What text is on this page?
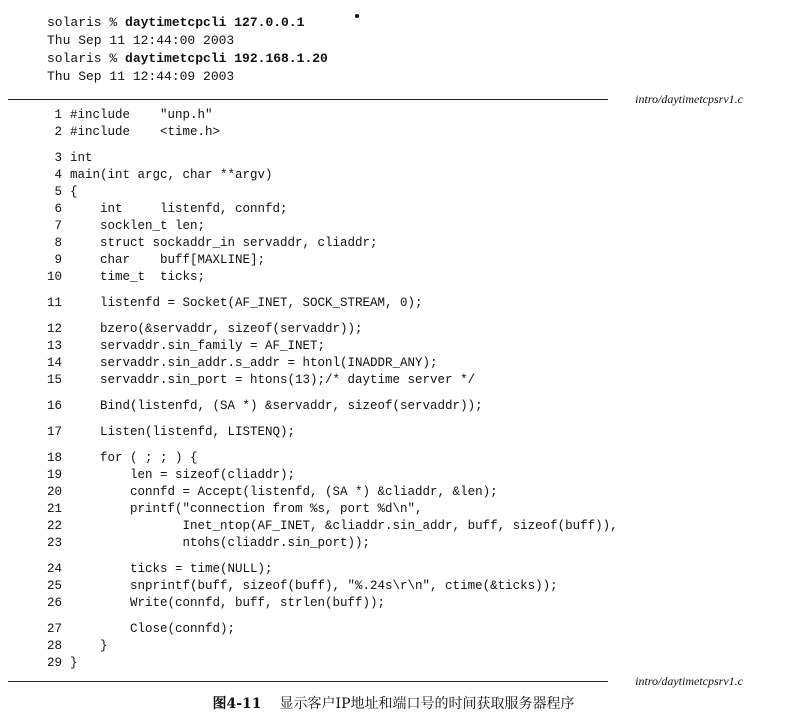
solaris % daytimetcpcli 127.0.0.1
Thu Sep 11 12:44:00 2003
solaris % daytimetcpcli 192.168.1.20
Thu Sep 11 12:44:09 2003
intro/daytimetcpsrv1.c
1 #include    "unp.h"
2 #include    <time.h>
3 int
4 main(int argc, char **argv)
5 {
6 int     listenfd, connfd;
7 socklen_t len;
8 struct sockaddr_in servaddr, cliaddr;
9 char    buff[MAXLINE];
10 time_t  ticks;
11 listenfd = Socket(AF_INET, SOCK_STREAM, 0);
12 bzero(&servaddr, sizeof(servaddr));
13 servaddr.sin_family = AF_INET;
14 servaddr.sin_addr.s_addr = htonl(INADDR_ANY);
15 servaddr.sin_port = htons(13);/* daytime server */
16 Bind(listenfd, (SA *) &servaddr, sizeof(servaddr));
17 Listen(listenfd, LISTENQ);
18 for ( ; ; ) {
19 len = sizeof(cliaddr);
20 connfd = Accept(listenfd, (SA *) &cliaddr, &len);
21 printf("connection from %s, port %d\n",
22 Inet_ntop(AF_INET, &cliaddr.sin_addr, buff, sizeof(buff)),
23 ntohs(cliaddr.sin_port));
24 ticks = time(NULL);
25 snprintf(buff, sizeof(buff), "%.24s\r\n", ctime(&ticks));
26 Write(connfd, buff, strlen(buff));
27 Close(connfd);
28 }
29 }
intro/daytimetcpsrv1.c
图4-11 显示客户IP地址和端口号的时间获取服务器程序
